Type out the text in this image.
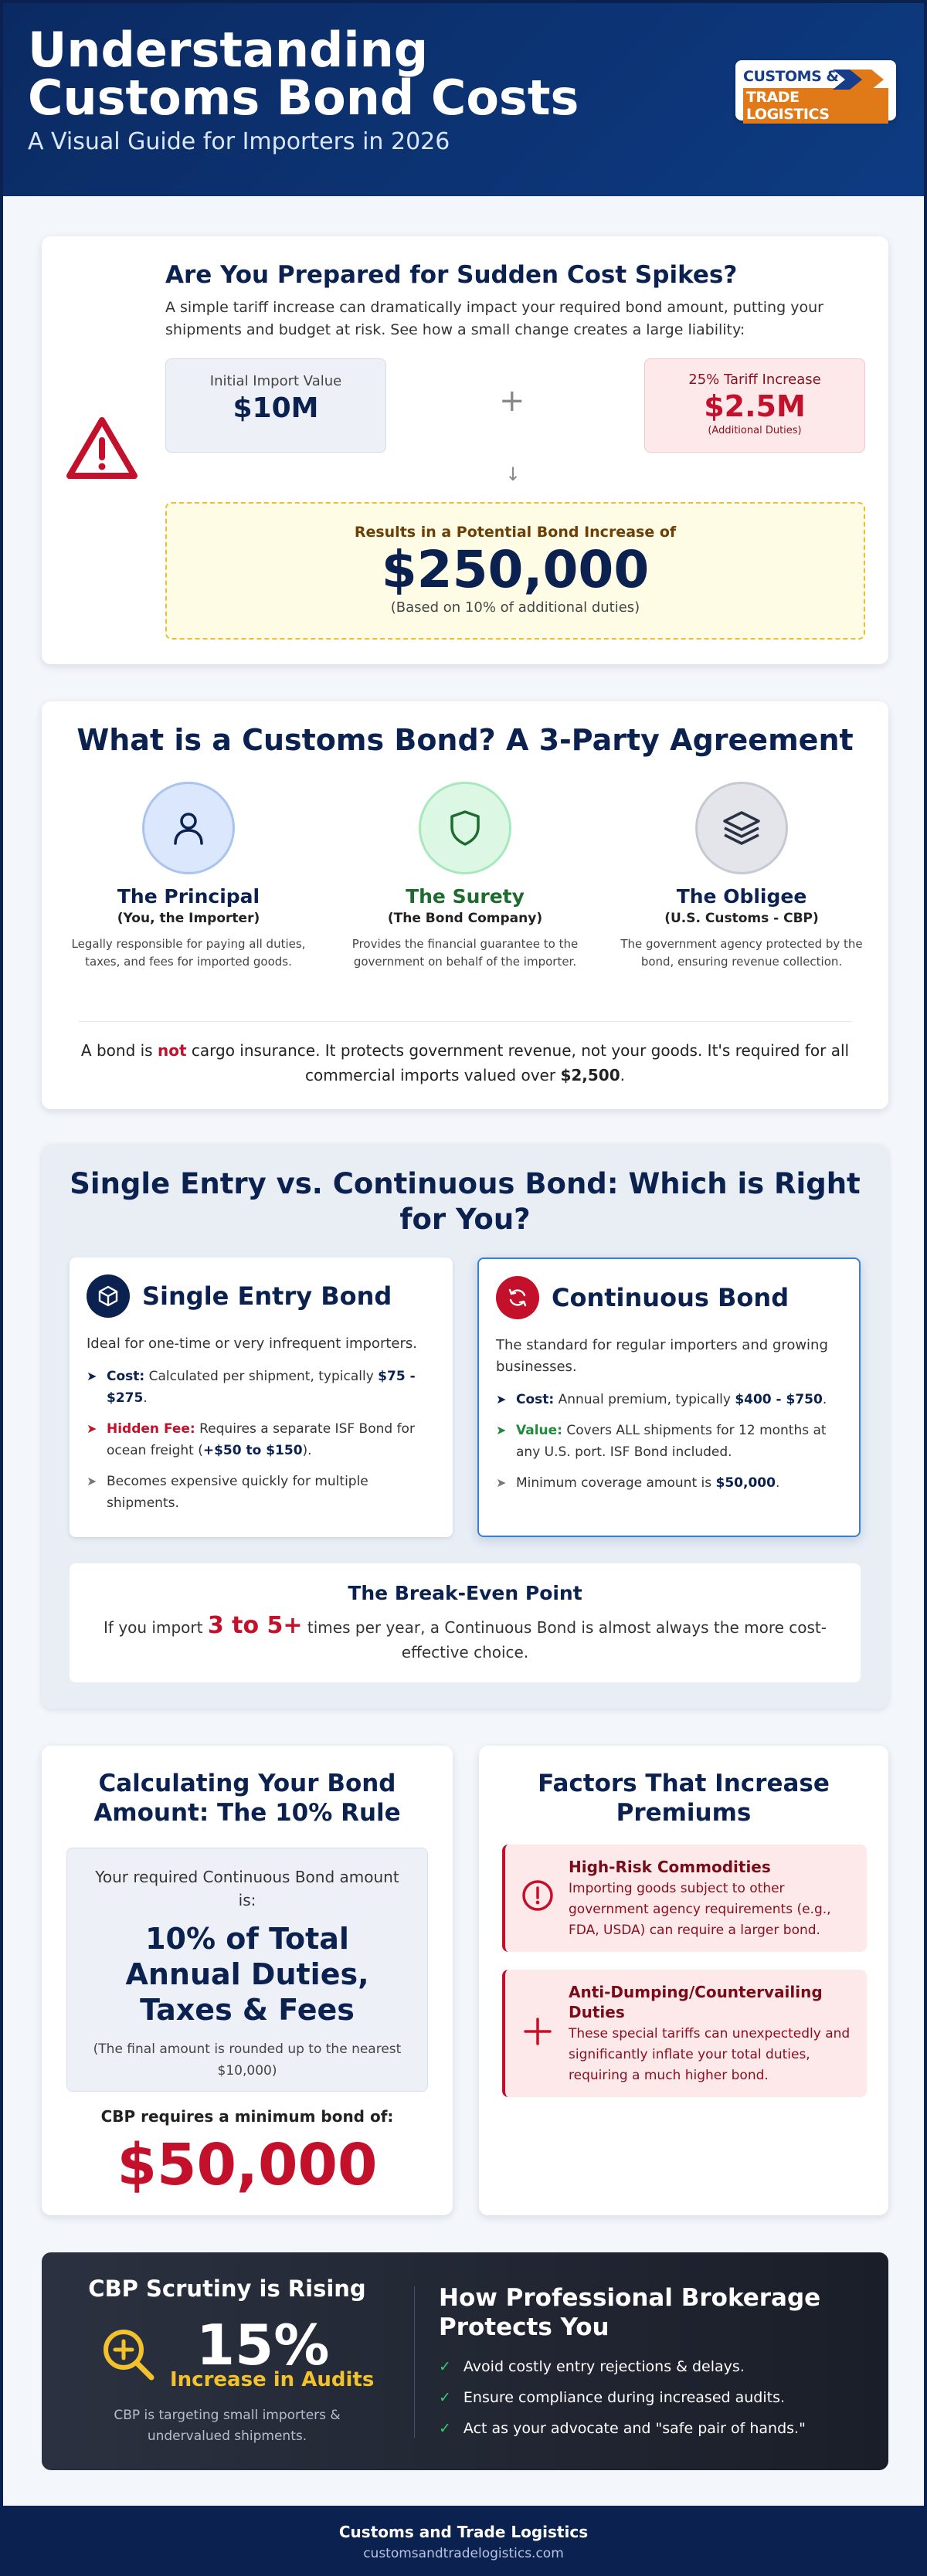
Understanding Customs Bond Costs
A Visual Guide for Importers in 2026
CUSTOMS &
TRADE LOGISTICS
Are You Prepared for Sudden Cost Spikes?
A simple tariff increase can dramatically impact your required bond amount, putting your shipments and budget at risk. See how a small change creates a large liability:
Initial Import Value
$10M	+
25% Tariff Increase
$2.5M
(Additional Duties)
↓
Results in a Potential Bond Increase of
$250,000
(Based on 10% of additional duties)
What is a Customs Bond? A 3-Party Agreement
The Principal
(You, the Importer)
Legally responsible for paying all duties, taxes, and fees for imported goods.
The Surety
(The Bond Company)
Provides the financial guarantee to the government on behalf of the importer.
The Obligee
(U.S. Customs - CBP)
The government agency protected by the bond, ensuring revenue collection.
A bond is not cargo insurance. It protects government revenue, not your goods. It's required for all commercial imports valued over $2,500.
Single Entry vs. Continuous Bond: Which is Right for You?
Single Entry Bond
Ideal for one-time or very infrequent importers.
➤ Cost: Calculated per shipment, typically $75 - $275.
➤ Hidden Fee: Requires a separate ISF Bond for ocean freight (+$50 to $150).
➤ Becomes expensive quickly for multiple shipments.
Continuous Bond
The standard for regular importers and growing businesses.
➤ Cost: Annual premium, typically $400 - $750.
➤ Value: Covers ALL shipments for 12 months at any U.S. port. ISF Bond included.
➤ Minimum coverage amount is $50,000.
The Break-Even Point
If you import 3 to 5+ times per year, a Continuous Bond is almost always the more cost-effective choice.
Calculating Your Bond Amount: The 10% Rule
Your required Continuous Bond amount is:
10% of Total Annual Duties, Taxes & Fees
(The final amount is rounded up to the nearest $10,000)
CBP requires a minimum bond of:
$50,000
Factors That Increase Premiums
High-Risk Commodities
Importing goods subject to other government agency requirements (e.g., FDA, USDA) can require a larger bond.
Anti-Dumping/Countervailing Duties
These special tariffs can unexpectedly and significantly inflate your total duties, requiring a much higher bond.
CBP Scrutiny is Rising
15%
Increase in Audits
CBP is targeting small importers & undervalued shipments.
How Professional Brokerage Protects You
✓ Avoid costly entry rejections & delays.
✓ Ensure compliance during increased audits.
✓ Act as your advocate and "safe pair of hands."
Customs and Trade Logistics
customsandtradelogistics.com
